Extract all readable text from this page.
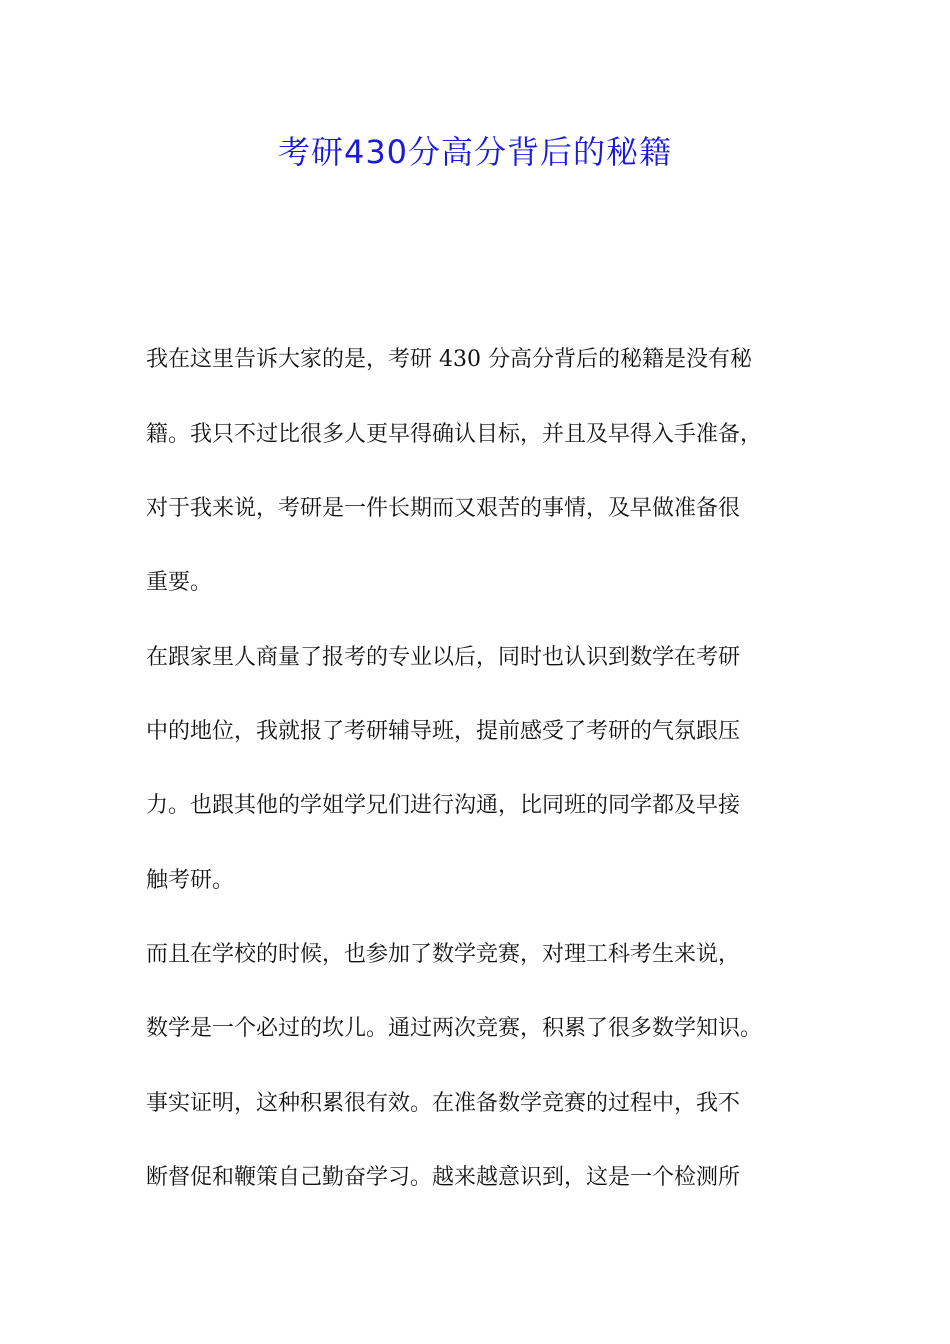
考研430分高分背后的秘籍
我在这里告诉大家的是，考研 430 分高分背后的秘籍是没有秘
籍。我只不过比很多人更早得确认目标，并且及早得入手准备，
对于我来说，考研是一件长期而又艰苦的事情，及早做准备很
重要。
在跟家里人商量了报考的专业以后，同时也认识到数学在考研
中的地位，我就报了考研辅导班，提前感受了考研的气氛跟压
力。也跟其他的学姐学兄们进行沟通，比同班的同学都及早接
触考研。
而且在学校的时候，也参加了数学竞赛，对理工科考生来说，
数学是一个必过的坎儿。通过两次竞赛，积累了很多数学知识。
事实证明，这种积累很有效。在准备数学竞赛的过程中，我不
断督促和鞭策自己勤奋学习。越来越意识到，这是一个检测所
